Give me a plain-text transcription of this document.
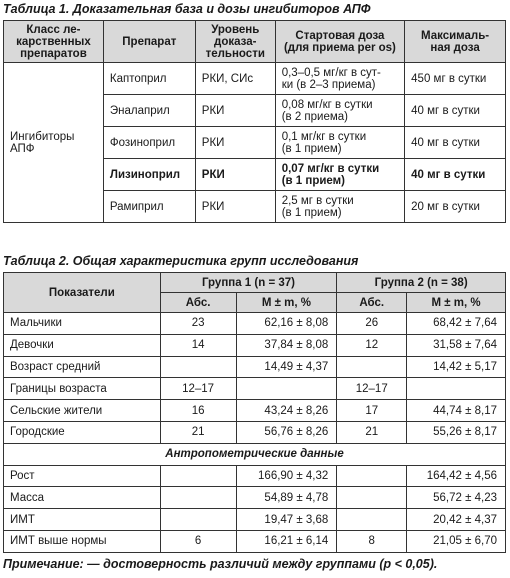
Таблица 1. Доказательная база и дозы ингибиторов АПФ
Класс ле-
карственных
препаратов	Препарат	Уровень
доказа-
тельности	Стартовая доза
(для приема per os)	Максималь-
ная доза
Ингибиторы
АПФ	Каптоприл	РКИ, СИс	0,3–0,5 мг/кг в сут-
ки (в 2–3 приема)	450 мг в сутки
	Эналаприл	РКИ	0,08 мг/кг в сутки
(в 2 приема)	40 мг в сутки
	Фозиноприл	РКИ	0,1 мг/кг в сутки
(в 1 прием)	40 мг в сутки
	Лизиноприл	РКИ	0,07 мг/кг в сутки
(в 1 прием)	40 мг в сутки
	Рамиприл	РКИ	2,5 мг в сутки
(в 1 прием)	20 мг в сутки
Таблица 2. Общая характеристика групп исследования
Показатели	Группа 1 (n = 37)		Группа 2 (n = 38)	
	Абс.	M ± m, %	Абс.	M ± m, %
Мальчики	23	62,16 ± 8,08	26	68,42 ± 7,64
Девочки	14	37,84 ± 8,08	12	31,58 ± 7,64
Возраст средний		14,49 ± 4,37		14,42 ± 5,17
Границы возраста	12–17		12–17	
Сельские жители	16	43,24 ± 8,26	17	44,74 ± 8,17
Городские	21	56,76 ± 8,26	21	55,26 ± 8,17
Антропометрические данные				
Рост		166,90 ± 4,32		164,42 ± 4,56
Масса		54,89 ± 4,78		56,72 ± 4,23
ИМТ		19,47 ± 3,68		20,42 ± 4,37
ИМТ выше нормы	6	16,21 ± 6,14	8	21,05 ± 6,70
Примечание: — достоверность различий между группами (p < 0,05).
